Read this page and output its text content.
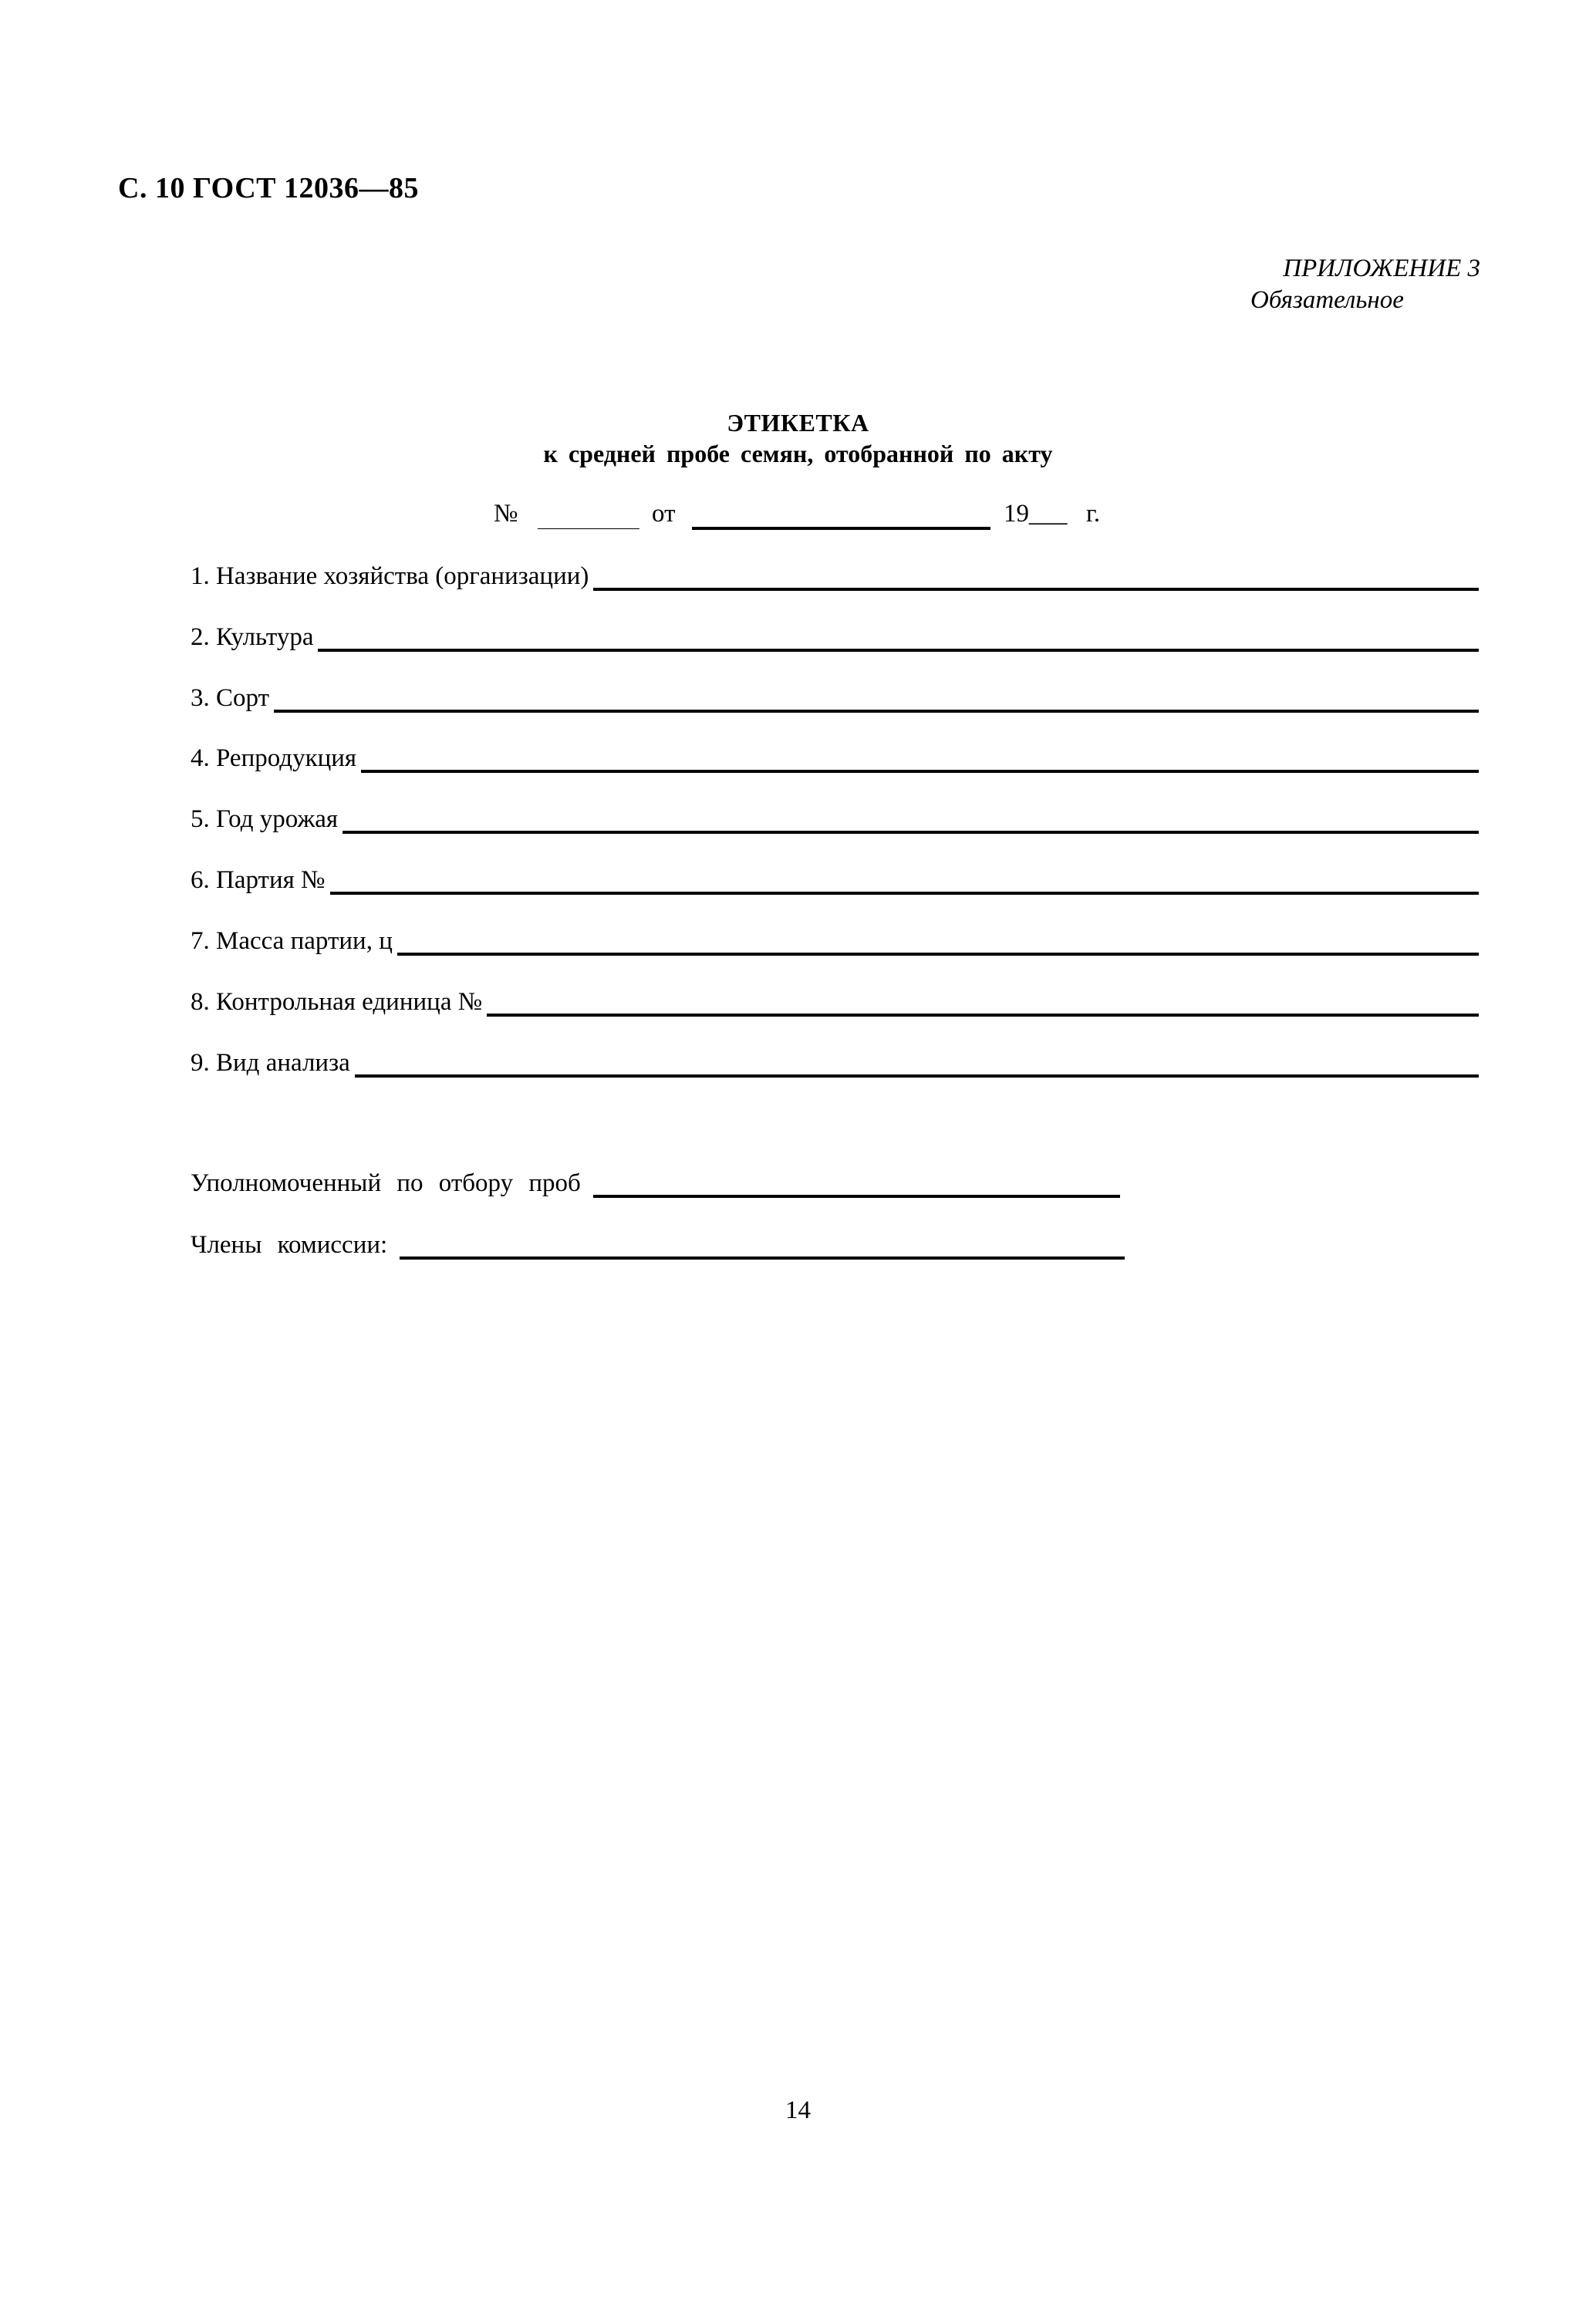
С. 10 ГОСТ 12036—85
ПРИЛОЖЕНИЕ 3
Обязательное
ЭТИКЕТКА
к средней пробе семян, отобранной по акту
№	от	19___ г.
1. Название хозяйства (организации)
2. Культура
3. Сорт
4. Репродукция
5. Год урожая
6. Партия №
7. Масса партии, ц
8. Контрольная единица №
9. Вид анализа
Уполномоченный по отбору проб
Члены комиссии:
14
